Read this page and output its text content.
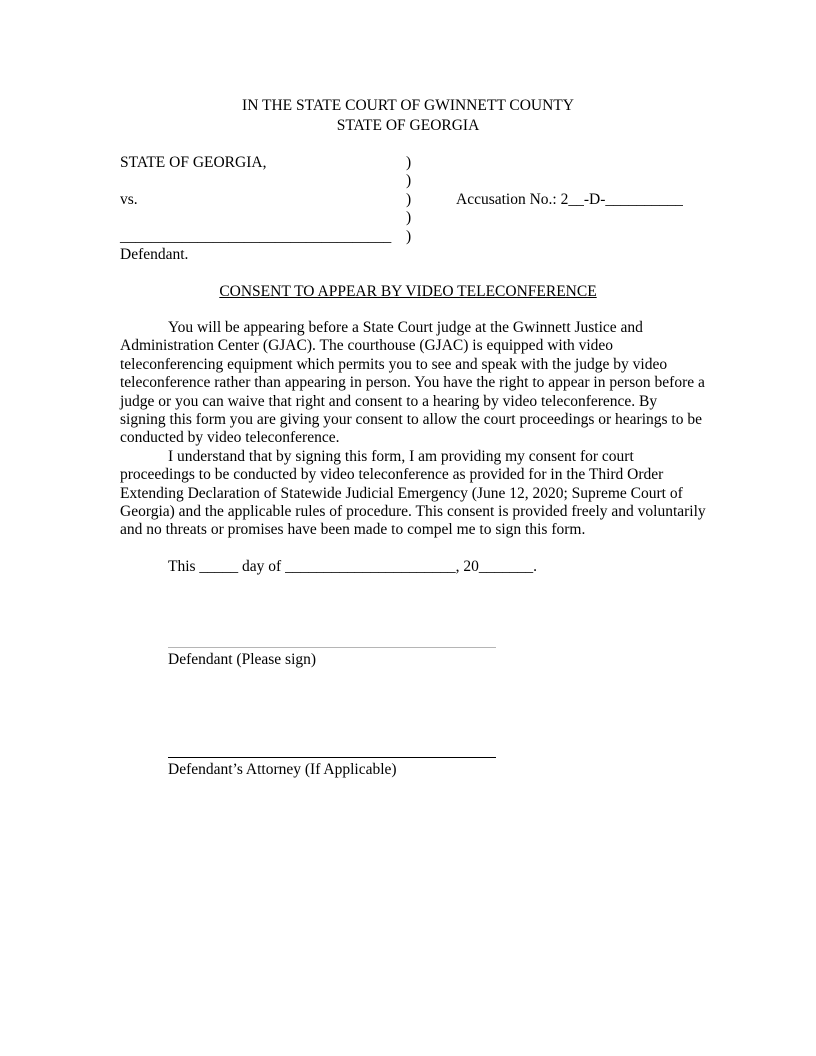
IN THE STATE COURT OF GWINNETT COUNTY
STATE OF GEORGIA
STATE OF GEORGIA,
vs.
___________________________________
Defendant.
)
)
)
)
)
Accusation No.: 2__-D-__________
CONSENT TO APPEAR BY VIDEO TELECONFERENCE

You will be appearing before a State Court judge at the Gwinnett Justice and Administration Center (GJAC). The courthouse (GJAC) is equipped with video teleconferencing equipment which permits you to see and speak with the judge by video teleconference rather than appearing in person. You have the right to appear in person before a judge or you can waive that right and consent to a hearing by video teleconference. By signing this form you are giving your consent to allow the court proceedings or hearings to be conducted by video teleconference.

I understand that by signing this form, I am providing my consent for court proceedings to be conducted by video teleconference as provided for in the Third Order Extending Declaration of Statewide Judicial Emergency (June 12, 2020; Supreme Court of Georgia) and the applicable rules of procedure. This consent is provided freely and voluntarily and no threats or promises have been made to compel me to sign this form.

This _____ day of ______________________, 20_______.
Defendant (Please sign)
Defendant’s Attorney (If Applicable)
